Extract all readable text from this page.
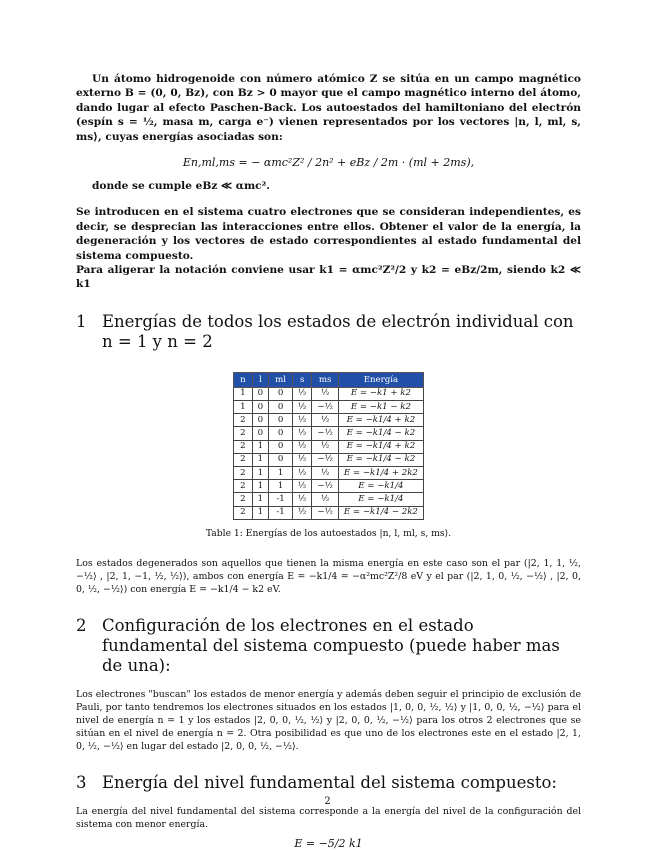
Un átomo hidrogenoide con número atómico Z se sitúa en un campo magnético externo B = (0, 0, Bz), con Bz > 0 mayor que el campo magnético interno del átomo, dando lugar al efecto Paschen-Back. Los autoestados del hamiltoniano del electrón (espín s = ½, masa m, carga e⁻) vienen representados por los vectores |n, l, ml, s, ms⟩, cuyas energías asociadas son:

En,ml,ms = − αmc²Z² / 2n² + eBz / 2m · (ml + 2ms),

donde se cumple eBz ≪ αmc².

Se introducen en el sistema cuatro electrones que se consideran independientes, es decir, se desprecian las interacciones entre ellos. Obtener el valor de la energía, la degeneración y los vectores de estado correspondientes al estado fundamental del sistema compuesto.

Para aligerar la notación conviene usar k1 = αmc²Z²/2 y k2 = eBz/2m, siendo k2 ≪ k1

1 Energías de todos los estados de electrón individual con n = 1 y n = 2
n	l	ml	s	ms	Energía
1	0	0	½	½	E = −k1 + k2
1	0	0	½	−½	E = −k1 − k2
2	0	0	½	½	E = −k1/4 + k2
2	0	0	½	−½	E = −k1/4 − k2
2	1	0	½	½	E = −k1/4 + k2
2	1	0	½	−½	E = −k1/4 − k2
2	1	1	½	½	E = −k1/4 + 2k2
2	1	1	½	−½	E = −k1/4
2	1	-1	½	½	E = −k1/4
2	1	-1	½	−½	E = −k1/4 − 2k2

Table 1: Energías de los autoestados |n, l, ml, s, ms⟩.

Los estados degenerados son aquellos que tienen la misma energía en este caso son el par (|2, 1, 1, ½, −½⟩ , |2, 1, −1, ½, ½⟩), ambos con energía E = −k1/4 = −α²mc²Z²/8 eV y el par (|2, 1, 0, ½, −½⟩ , |2, 0, 0, ½, −½⟩) con energía E = −k1/4 − k2 eV.

2 Configuración de los electrones en el estado fundamental del sistema compuesto (puede haber mas de una):

Los electrones "buscan" los estados de menor energía y además deben seguir el principio de exclusión de Pauli, por tanto tendremos los electrones situados en los estados |1, 0, 0, ½, ½⟩ y |1, 0, 0, ½, −½⟩ para el nivel de energía n = 1 y los estados |2, 0, 0, ½, ½⟩ y |2, 0, 0, ½, −½⟩ para los otros 2 electrones que se sitúan en el nivel de energía n = 2. Otra posibilidad es que uno de los electrones este en el estado |2, 1, 0, ½, −½⟩ en lugar del estado |2, 0, 0, ½, −½⟩.

3 Energía del nivel fundamental del sistema compuesto:

La energía del nivel fundamental del sistema corresponde a la energía del nivel de la configuración del sistema con menor energía.

E = −5/2 k1

2
